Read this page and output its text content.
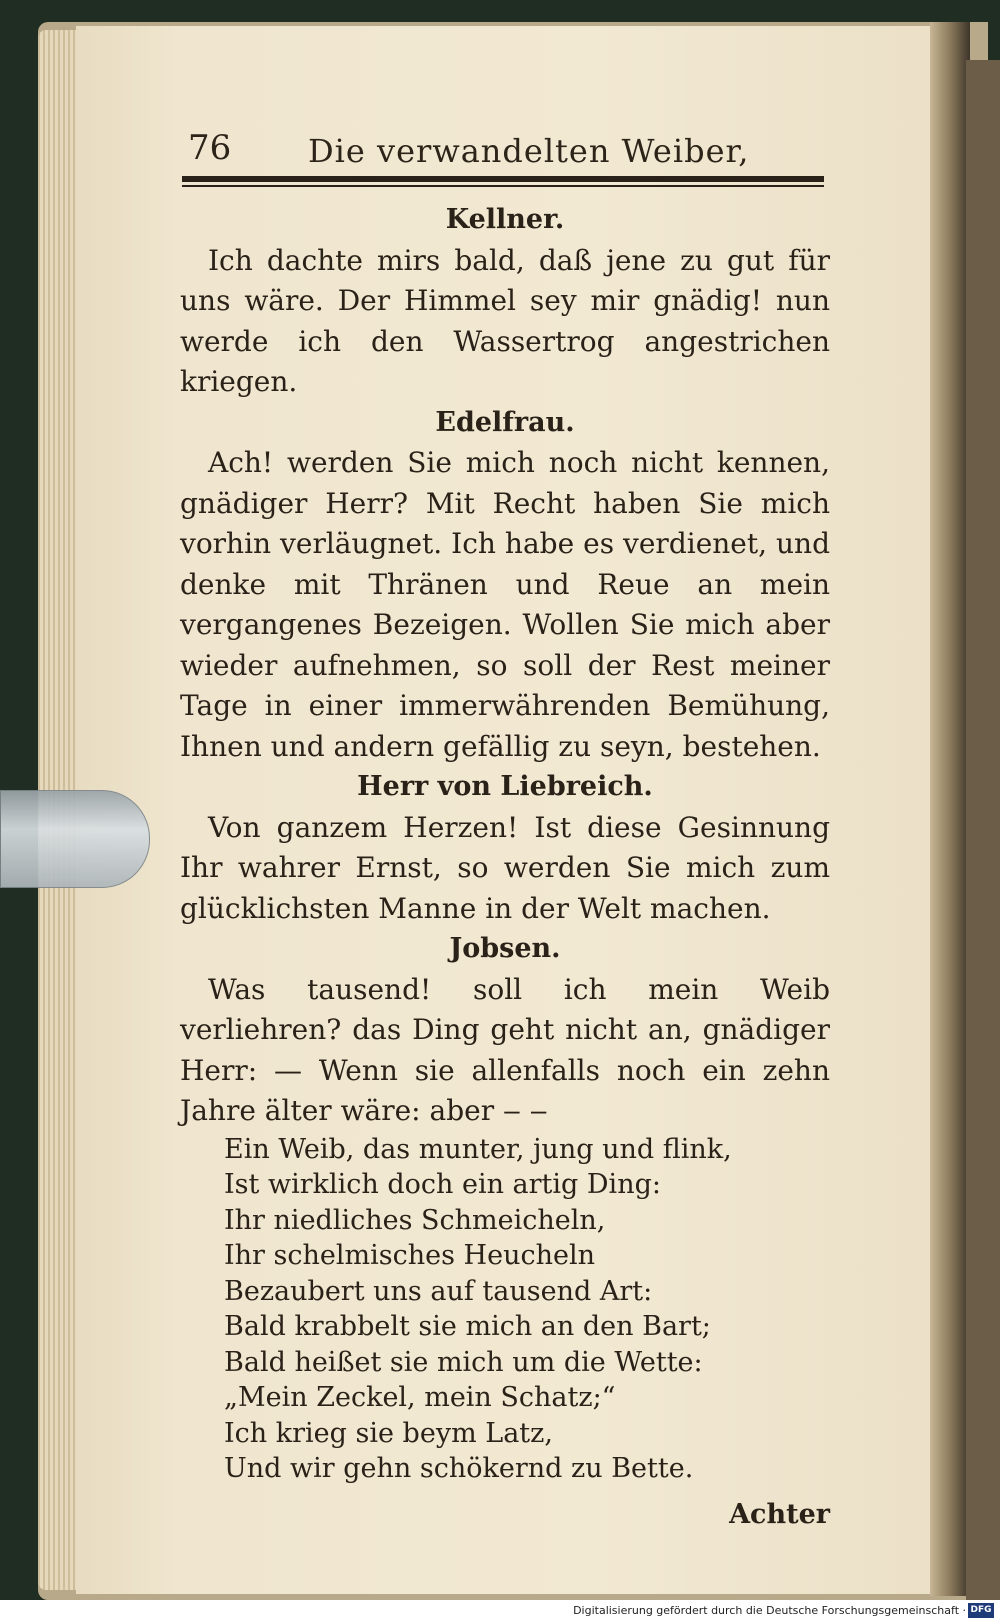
76 Die verwandelten Weiber,
Kellner.
Ich dachte mirs bald, daß jene zu gut für uns wäre. Der Himmel sey mir gnädig! nun werde ich den Wassertrog angestrichen kriegen.
Edelfrau.
Ach! werden Sie mich noch nicht kennen, gnädiger Herr? Mit Recht haben Sie mich vorhin verläugnet. Ich habe es verdienet, und denke mit Thränen und Reue an mein vergangenes Bezeigen. Wollen Sie mich aber wieder aufnehmen, so soll der Rest meiner Tage in einer immerwährenden Bemühung, Ihnen und andern gefällig zu seyn, bestehen.
Herr von Liebreich.
Von ganzem Herzen! Ist diese Gesinnung Ihr wahrer Ernst, so werden Sie mich zum glücklichsten Manne in der Welt machen.
Jobsen.
Was tausend! soll ich mein Weib verliehren? das Ding geht nicht an, gnädiger Herr: — Wenn sie allenfalls noch ein zehn Jahre älter wäre: aber ‒ ‒
Ein Weib, das munter, jung und flink,
Ist wirklich doch ein artig Ding:
Ihr niedliches Schmeicheln,
Ihr schelmisches Heucheln
Bezaubert uns auf tausend Art:
Bald krabbelt sie mich an den Bart;
Bald heißet sie mich um die Wette:
„Mein Zeckel, mein Schatz;“
Ich krieg sie beym Latz,
Und wir gehn schökernd zu Bette.
Achter
Digitalisierung gefördert durch die Deutsche Forschungsgemeinschaft · DFG
